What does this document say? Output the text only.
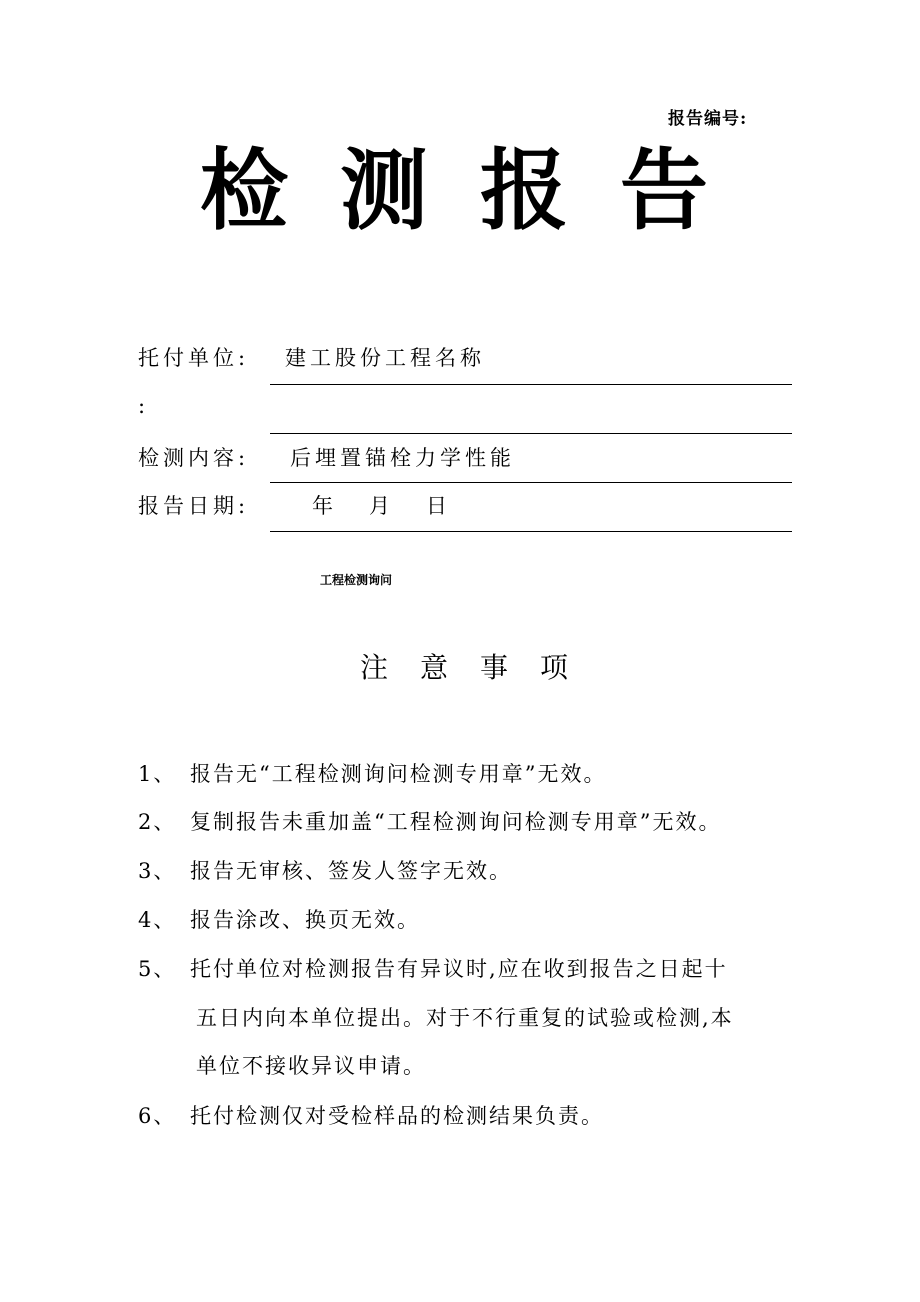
报告编号:
检测报告
托付单位: 建工股份工程名称
:
检测内容: 后埋置锚栓力学性能
报告日期:	年   月   日
工程检测询问
注意事项
1、 报告无“工程检测询问检测专用章”无效。
2、 复制报告未重加盖“工程检测询问检测专用章”无效。
3、 报告无审核、签发人签字无效。
4、 报告涂改、换页无效。
5、 托付单位对检测报告有异议时,应在收到报告之日起十
五日内向本单位提出。对于不行重复的试验或检测,本
单位不接收异议申请。
6、 托付检测仅对受检样品的检测结果负责。
